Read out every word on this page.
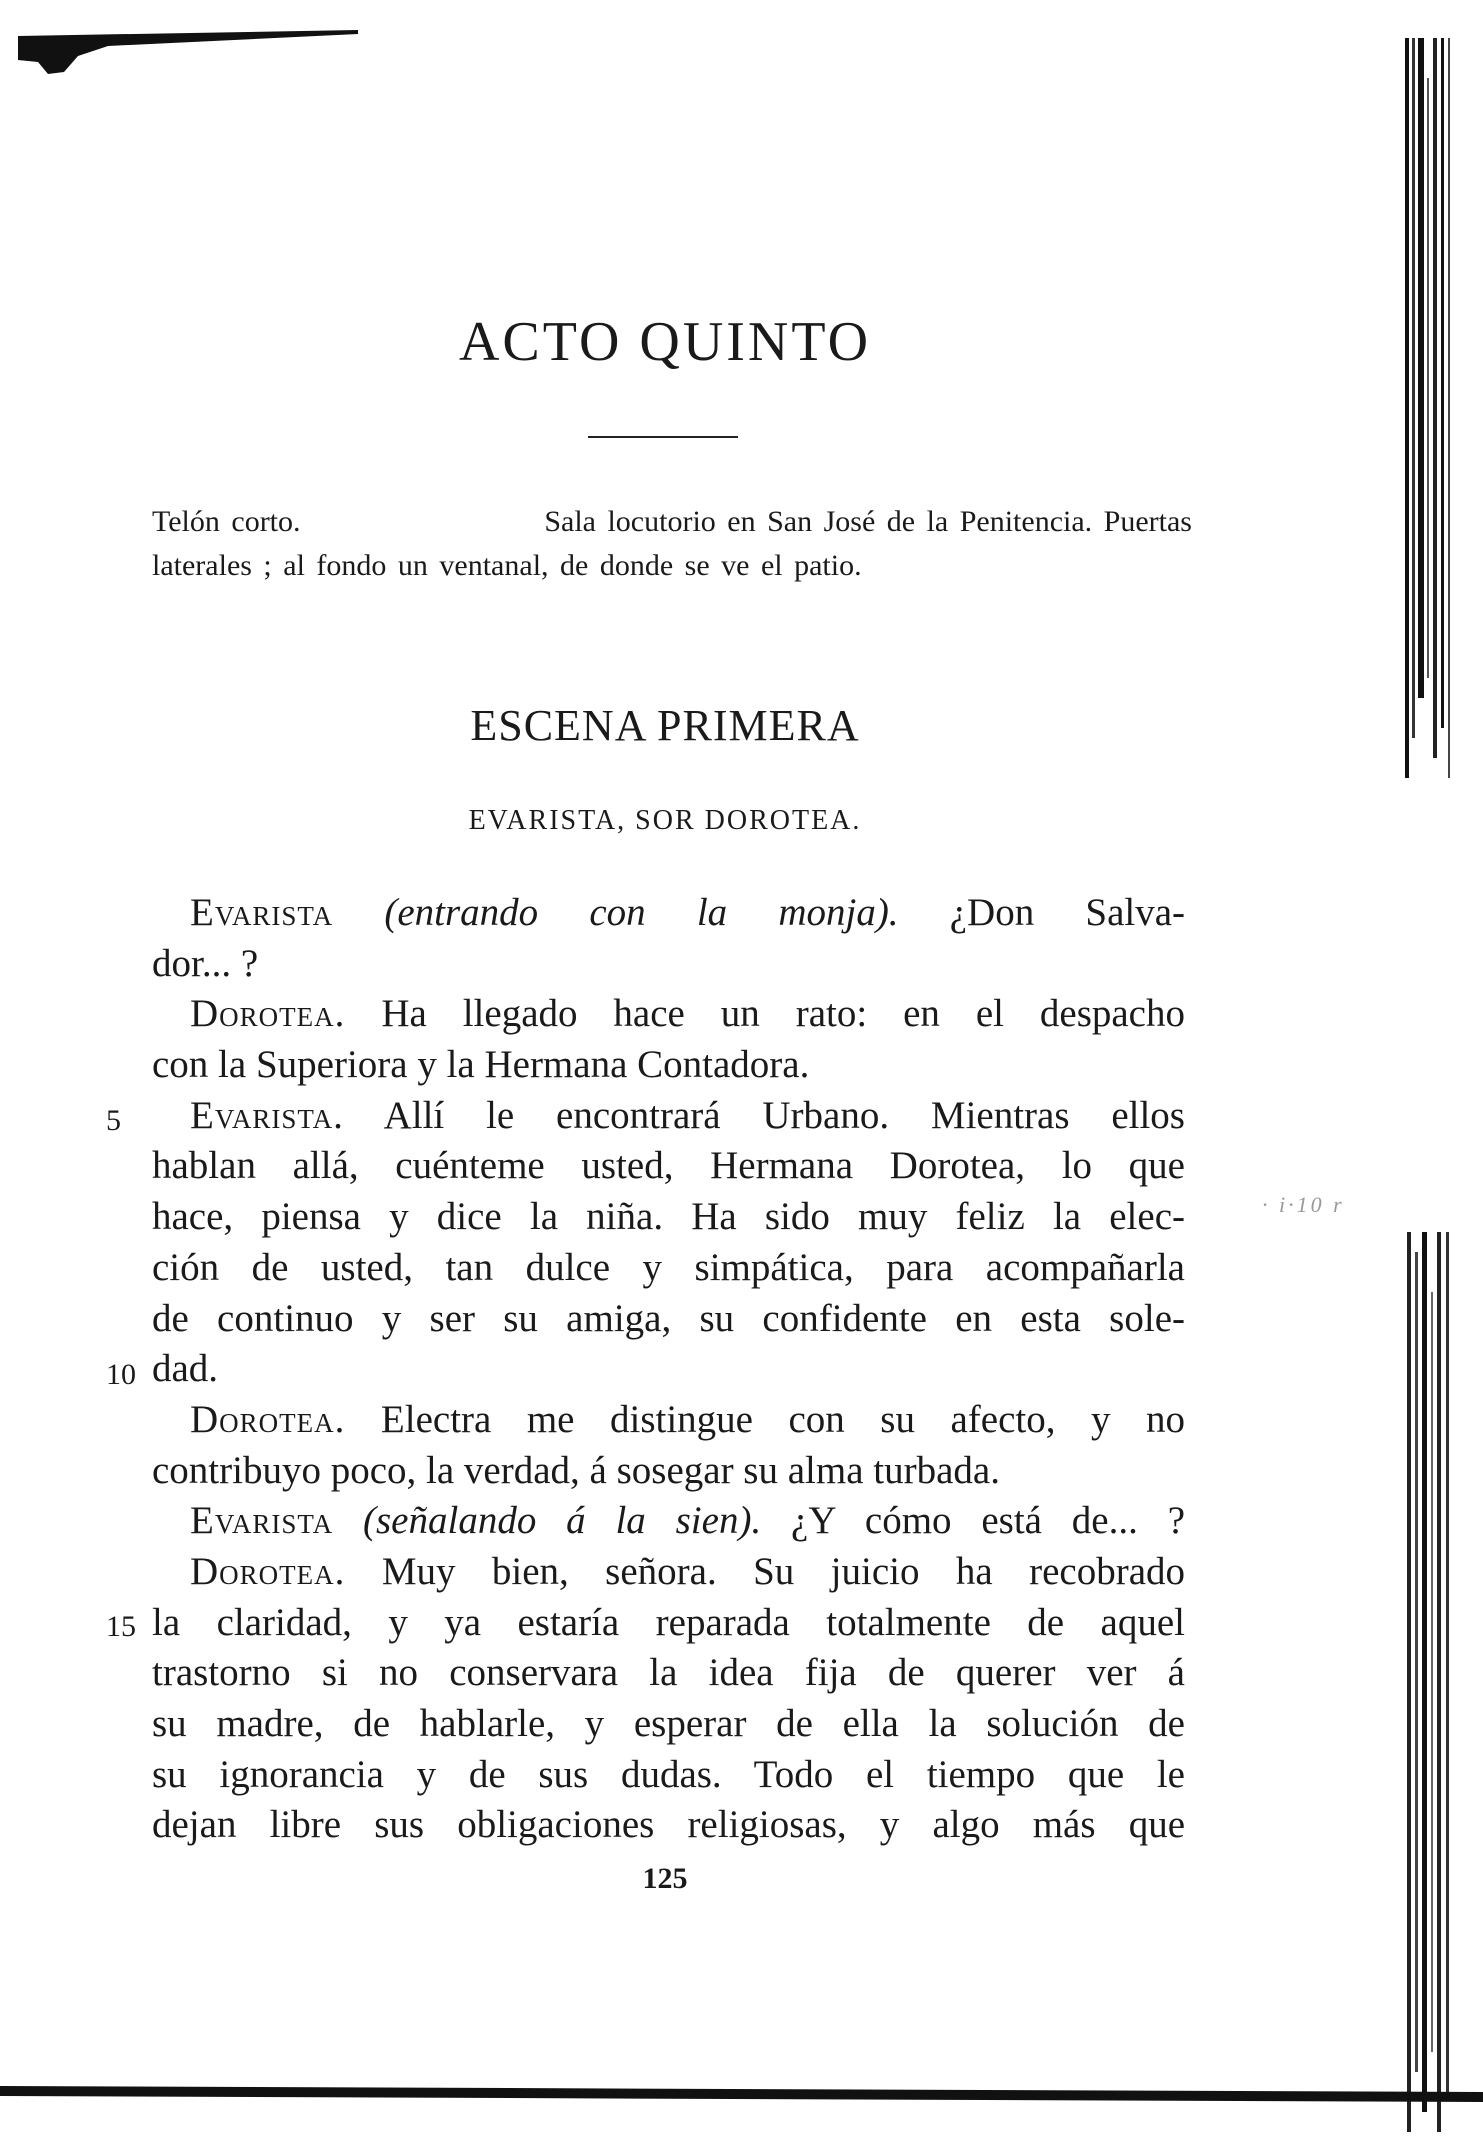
· i·10 r
ACTO QUINTO
Telón corto.	Sala locutorio en San José de la Penitencia. Puertas
laterales ; al fondo un ventanal, de donde se ve el patio.
ESCENA PRIMERA
EVARISTA, SOR DOROTEA.
5
10
15
Evarista (entrando con la monja). ¿Don Salva-
dor... ?
Dorotea. Ha llegado hace un rato: en el despacho
con la Superiora y la Hermana Contadora.
Evarista. Allí le encontrará Urbano. Mientras ellos
hablan allá, cuénteme usted, Hermana Dorotea, lo que
hace, piensa y dice la niña. Ha sido muy feliz la elec-
ción de usted, tan dulce y simpática, para acompañarla
de continuo y ser su amiga, su confidente en esta sole-
dad.
Dorotea. Electra me distingue con su afecto, y no
contribuyo poco, la verdad, á sosegar su alma turbada.
Evarista (señalando á la sien). ¿Y cómo está de... ?
Dorotea. Muy bien, señora. Su juicio ha recobrado
la claridad, y ya estaría reparada totalmente de aquel
trastorno si no conservara la idea fija de querer ver á
su madre, de hablarle, y esperar de ella la solución de
su ignorancia y de sus dudas. Todo el tiempo que le
dejan libre sus obligaciones religiosas, y algo más que
125
